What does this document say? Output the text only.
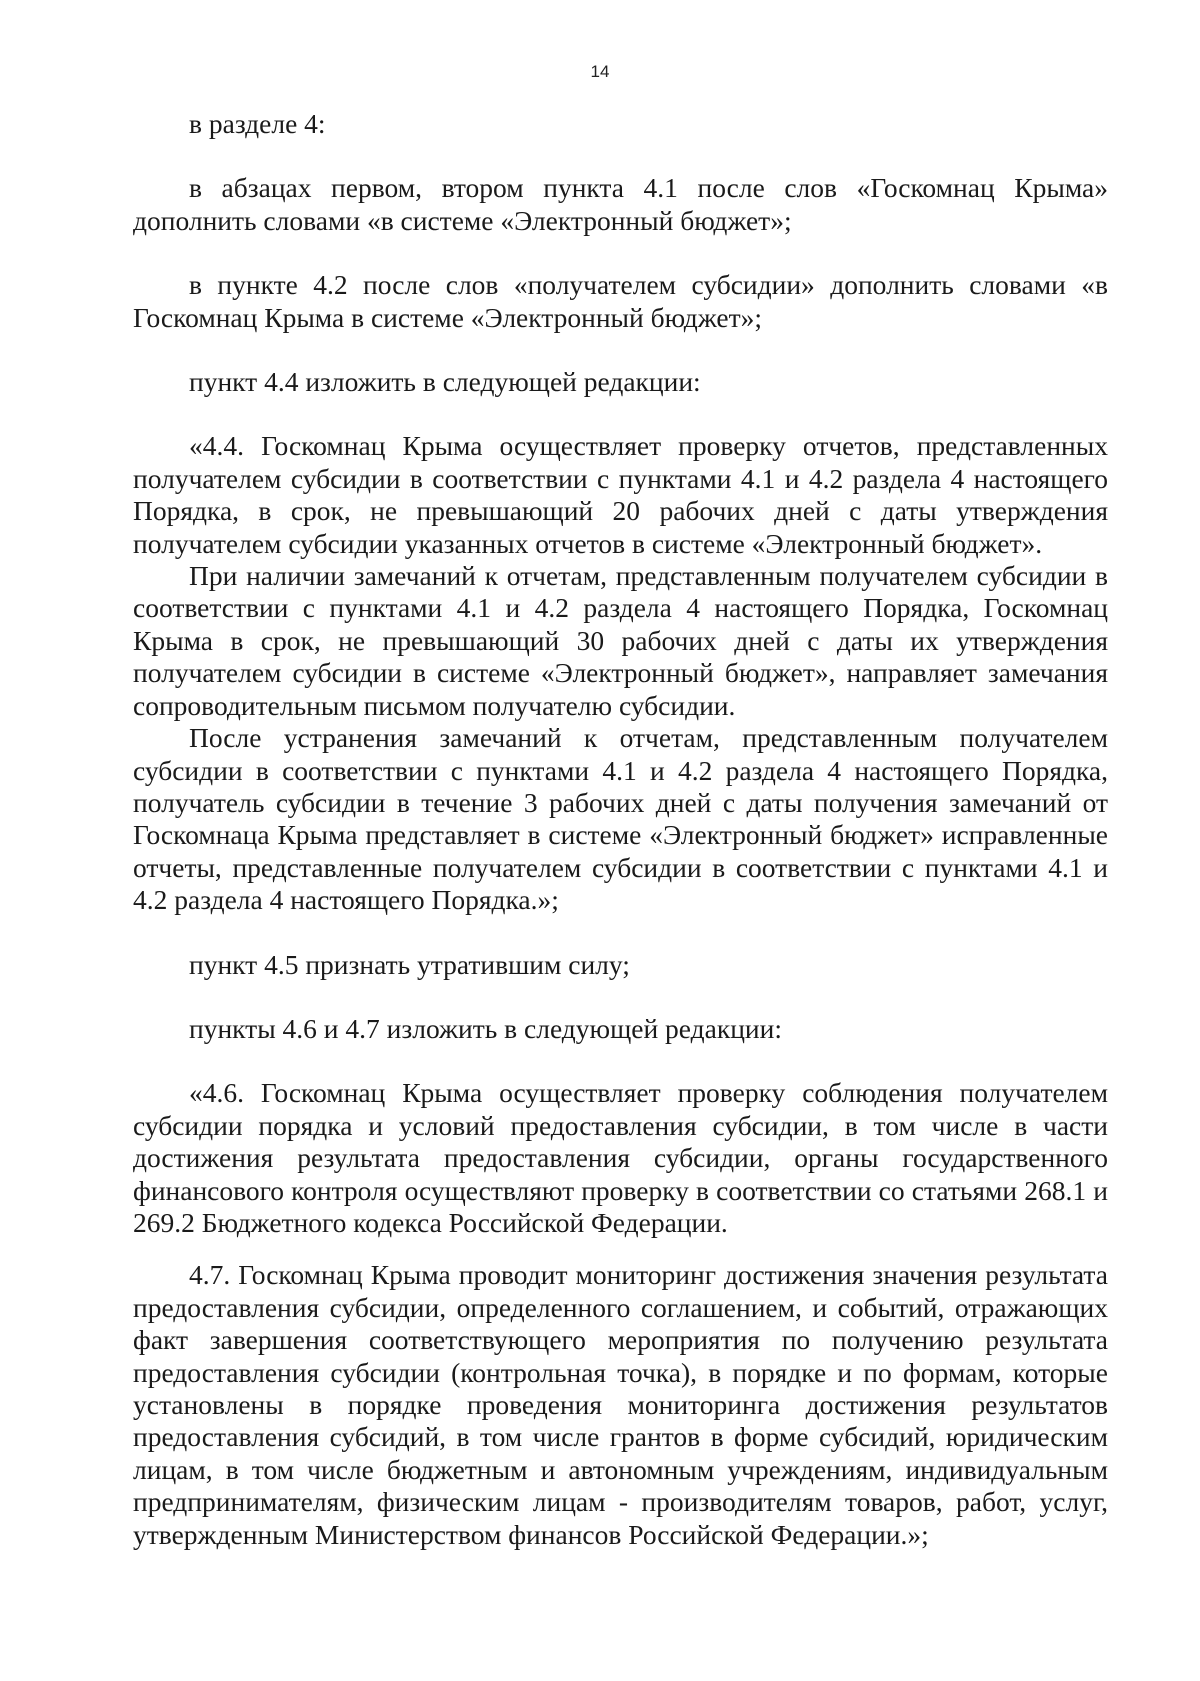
14

в разделе 4:

в абзацах первом, втором пункта 4.1 после слов «Госкомнац Крыма» дополнить словами «в системе «Электронный бюджет»;

в пункте 4.2 после слов «получателем субсидии» дополнить словами «в Госкомнац Крыма в системе «Электронный бюджет»;

пункт 4.4 изложить в следующей редакции:

«4.4. Госкомнац Крыма осуществляет проверку отчетов, представленных получателем субсидии в соответствии с пунктами 4.1 и 4.2 раздела 4 настоящего Порядка, в срок, не превышающий 20 рабочих дней с даты утверждения получателем субсидии указанных отчетов в системе «Электронный бюджет».

При наличии замечаний к отчетам, представленным получателем субсидии в соответствии с пунктами 4.1 и 4.2 раздела 4 настоящего Порядка, Госкомнац Крыма в срок, не превышающий 30 рабочих дней с даты их утверждения получателем субсидии в системе «Электронный бюджет», направляет замечания сопроводительным письмом получателю субсидии.

После устранения замечаний к отчетам, представленным получателем субсидии в соответствии с пунктами 4.1 и 4.2 раздела 4 настоящего Порядка, получатель субсидии в течение 3 рабочих дней с даты получения замечаний от Госкомнаца Крыма представляет в системе «Электронный бюджет» исправленные отчеты, представленные получателем субсидии в соответствии с пунктами 4.1 и 4.2 раздела 4 настоящего Порядка.»;

пункт 4.5 признать утратившим силу;

пункты 4.6 и 4.7 изложить в следующей редакции:

«4.6. Госкомнац Крыма осуществляет проверку соблюдения получателем субсидии порядка и условий предоставления субсидии, в том числе в части достижения результата предоставления субсидии, органы государственного финансового контроля осуществляют проверку в соответствии со статьями 268.1 и 269.2 Бюджетного кодекса Российской Федерации.

4.7. Госкомнац Крыма проводит мониторинг достижения значения результата предоставления субсидии, определенного соглашением, и событий, отражающих факт завершения соответствующего мероприятия по получению результата предоставления субсидии (контрольная точка), в порядке и по формам, которые установлены в порядке проведения мониторинга достижения результатов предоставления субсидий, в том числе грантов в форме субсидий, юридическим лицам, в том числе бюджетным и автономным учреждениям, индивидуальным предпринимателям, физическим лицам - производителям товаров, работ, услуг, утвержденным Министерством финансов Российской Федерации.»;
